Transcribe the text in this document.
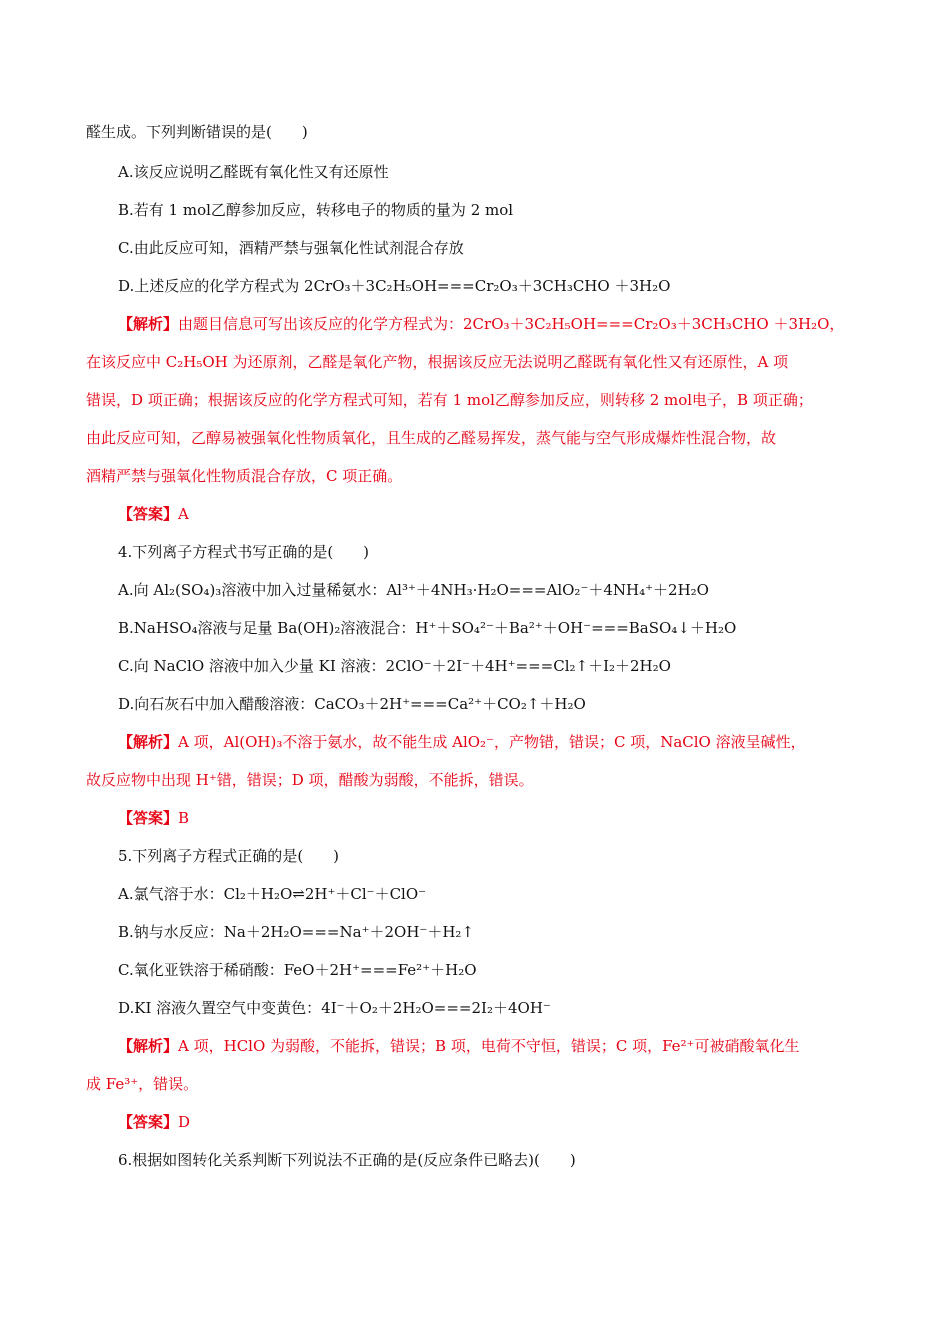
醛生成。下列判断错误的是(　　)
A.该反应说明乙醛既有氧化性又有还原性
B.若有 1 mol乙醇参加反应，转移电子的物质的量为 2 mol
C.由此反应可知，酒精严禁与强氧化性试剂混合存放
D.上述反应的化学方程式为 2CrO₃＋3C₂H₅OH===Cr₂O₃＋3CH₃CHO ＋3H₂O
【解析】由题目信息可写出该反应的化学方程式为：2CrO₃＋3C₂H₅OH===Cr₂O₃＋3CH₃CHO ＋3H₂O，
在该反应中 C₂H₅OH 为还原剂，乙醛是氧化产物，根据该反应无法说明乙醛既有氧化性又有还原性，A 项
错误，D 项正确；根据该反应的化学方程式可知，若有 1 mol乙醇参加反应，则转移 2 mol电子，B 项正确；
由此反应可知，乙醇易被强氧化性物质氧化，且生成的乙醛易挥发，蒸气能与空气形成爆炸性混合物，故
酒精严禁与强氧化性物质混合存放，C 项正确。
【答案】A
4.下列离子方程式书写正确的是(　　)
A.向 Al₂(SO₄)₃溶液中加入过量稀氨水：Al³⁺＋4NH₃·H₂O===AlO₂⁻＋4NH₄⁺＋2H₂O
B.NaHSO₄溶液与足量 Ba(OH)₂溶液混合：H⁺＋SO₄²⁻＋Ba²⁺＋OH⁻===BaSO₄↓＋H₂O
C.向 NaClO 溶液中加入少量 KI 溶液：2ClO⁻＋2I⁻＋4H⁺===Cl₂↑＋I₂＋2H₂O
D.向石灰石中加入醋酸溶液：CaCO₃＋2H⁺===Ca²⁺＋CO₂↑＋H₂O
【解析】A 项，Al(OH)₃不溶于氨水，故不能生成 AlO₂⁻，产物错，错误；C 项，NaClO 溶液呈碱性，
故反应物中出现 H⁺错，错误；D 项，醋酸为弱酸，不能拆，错误。
【答案】B
5.下列离子方程式正确的是(　　)
A.氯气溶于水：Cl₂＋H₂O⇌2H⁺＋Cl⁻＋ClO⁻
B.钠与水反应：Na＋2H₂O===Na⁺＋2OH⁻＋H₂↑
C.氧化亚铁溶于稀硝酸：FeO＋2H⁺===Fe²⁺＋H₂O
D.KI 溶液久置空气中变黄色：4I⁻＋O₂＋2H₂O===2I₂＋4OH⁻
【解析】A 项，HClO 为弱酸，不能拆，错误；B 项，电荷不守恒，错误；C 项，Fe²⁺可被硝酸氧化生
成 Fe³⁺，错误。
【答案】D
6.根据如图转化关系判断下列说法不正确的是(反应条件已略去)(　　)
